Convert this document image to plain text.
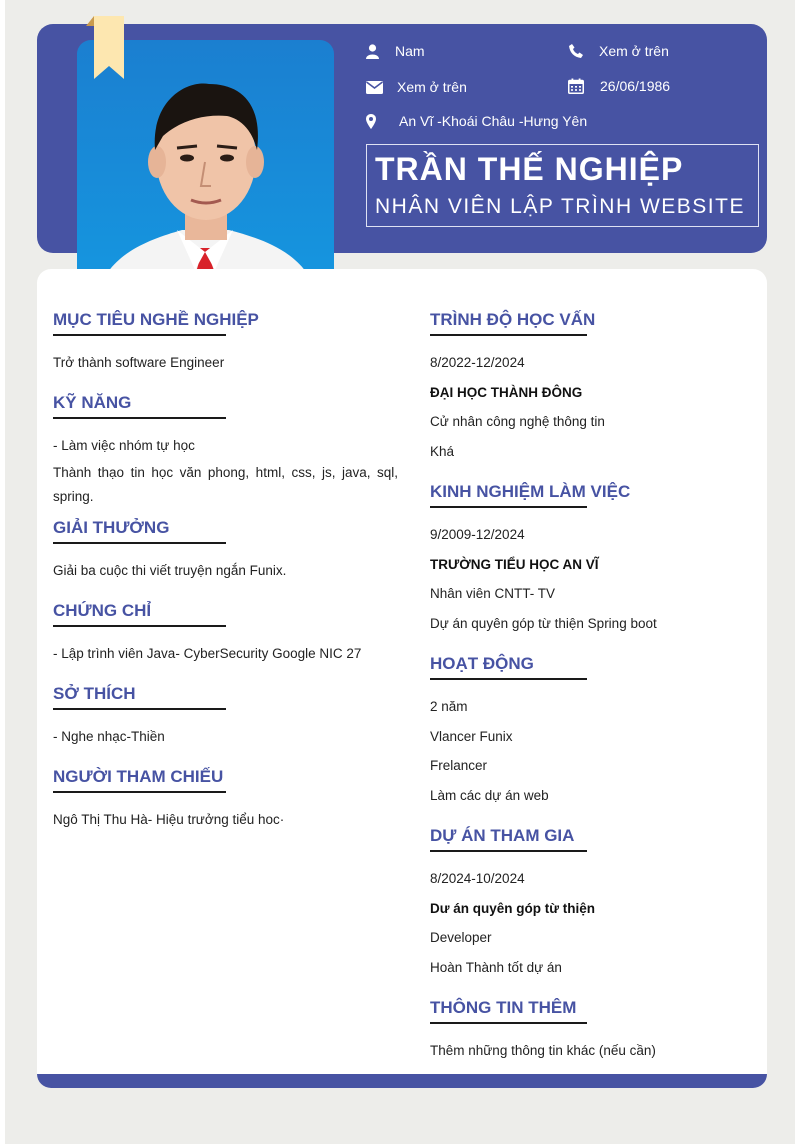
Nam	Xem ở trên
Xem ở trên	26/06/1986
An Vĩ -Khoái Châu -Hưng Yên
TRẦN THẾ NGHIỆP
NHÂN VIÊN LẬP TRÌNH WEBSITE
MỤC TIÊU NGHỀ NGHIỆP
Trở thành software Engineer
KỸ NĂNG
- Làm việc nhóm tự học
Thành thạo tin học văn phong, html, css, js, java, sql, spring.
GIẢI THƯỞNG
Giải ba cuộc thi viết truyện ngắn Funix.
CHỨNG CHỈ
- Lập trình viên Java- CyberSecurity Google NIC 27
SỞ THÍCH
- Nghe nhạc-Thiền
NGƯỜI THAM CHIẾU
Ngô Thị Thu Hà- Hiệu trưởng tiểu hoc·
TRÌNH ĐỘ HỌC VẤN
8/2022-12/2024
ĐẠI HỌC THÀNH ĐÔNG
Cử nhân công nghệ thông tin
Khá
KINH NGHIỆM LÀM VIỆC
9/2009-12/2024
TRƯỜNG TIỂU HỌC AN VĨ
Nhân viên CNTT- TV
Dự án quyên góp từ thiện Spring boot
HOẠT ĐỘNG
2 năm
Vlancer Funix
Frelancer
Làm các dự án web
DỰ ÁN THAM GIA
8/2024-10/2024
Dư án quyên góp từ thiện
Developer
Hoàn Thành tốt dự án
THÔNG TIN THÊM
Thêm những thông tin khác (nếu cần)
